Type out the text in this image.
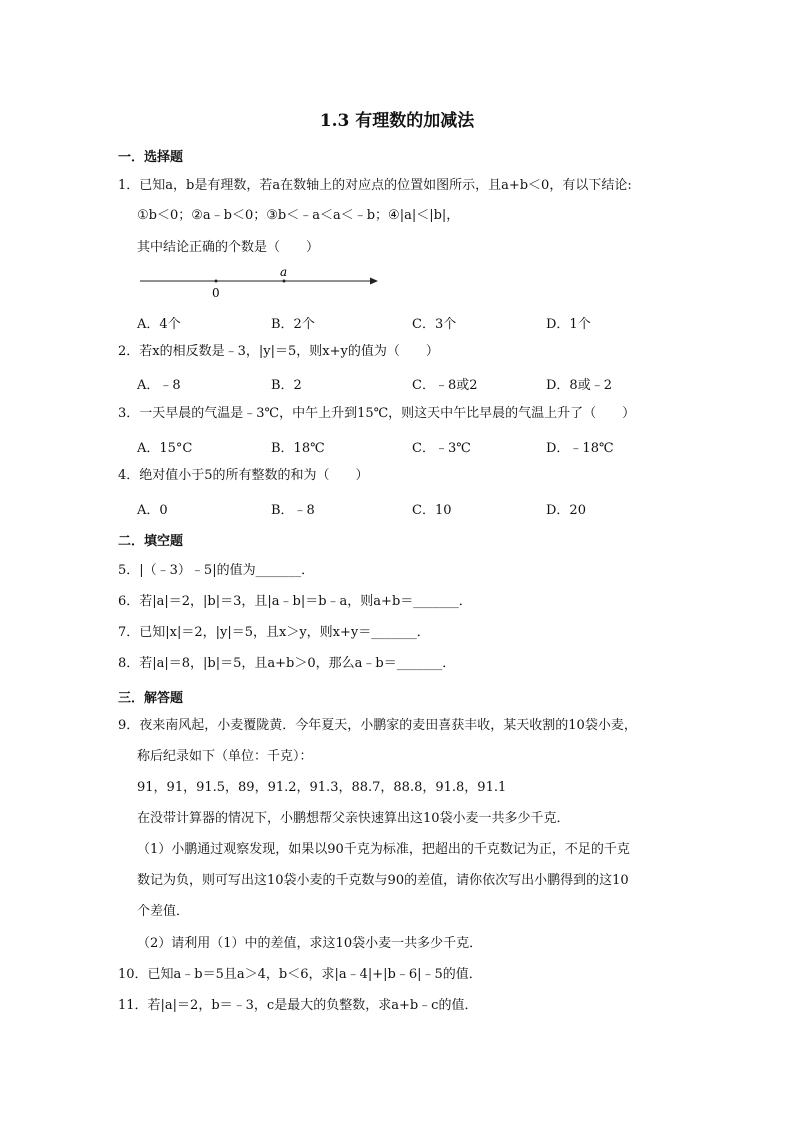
1.3 有理数的加减法
一．选择题
1．已知a，b是有理数，若a在数轴上的对应点的位置如图所示，且a+b＜0，有以下结论:
①b＜0；②a﹣b＜0；③b＜﹣a＜a＜﹣b；④|a|＜|b|，
其中结论正确的个数是（　　）
0
a
A．4个	B．2个	C．3个	D．1个
2．若x的相反数是﹣3，|y|＝5，则x+y的值为（　　）
A．﹣8	B．2	C．﹣8或2	D．8或﹣2
3．一天早晨的气温是﹣3℃，中午上升到15℃，则这天中午比早晨的气温上升了（　　）
A．15°C	B．18℃	C．﹣3℃	D．﹣18℃
4．绝对值小于5的所有整数的和为（　　）
A．0	B．﹣8	C．10	D．20
二．填空题
5．|（﹣3）﹣5|的值为_______．
6．若|a|＝2，|b|＝3，且|a﹣b|＝b﹣a，则a+b＝_______．
7．已知|x|＝2，|y|＝5，且x＞y，则x+y＝_______．
8．若|a|＝8，|b|＝5，且a+b＞0，那么a﹣b＝_______．
三．解答题
9．夜来南风起，小麦覆陇黄．今年夏天，小鹏家的麦田喜获丰收，某天收割的10袋小麦，
称后纪录如下（单位：千克）：
91，91，91.5，89，91.2，91.3，88.7，88.8，91.8，91.1
在没带计算器的情况下，小鹏想帮父亲快速算出这10袋小麦一共多少千克．
（1）小鹏通过观察发现，如果以90千克为标准，把超出的千克数记为正，不足的千克
数记为负，则可写出这10袋小麦的千克数与90的差值，请你依次写出小鹏得到的这10
个差值．
（2）请利用（1）中的差值，求这10袋小麦一共多少千克．
10．已知a﹣b＝5且a＞4，b＜6，求|a﹣4|+|b﹣6|﹣5的值．
11．若|a|＝2，b＝﹣3，c是最大的负整数，求a+b﹣c的值．
